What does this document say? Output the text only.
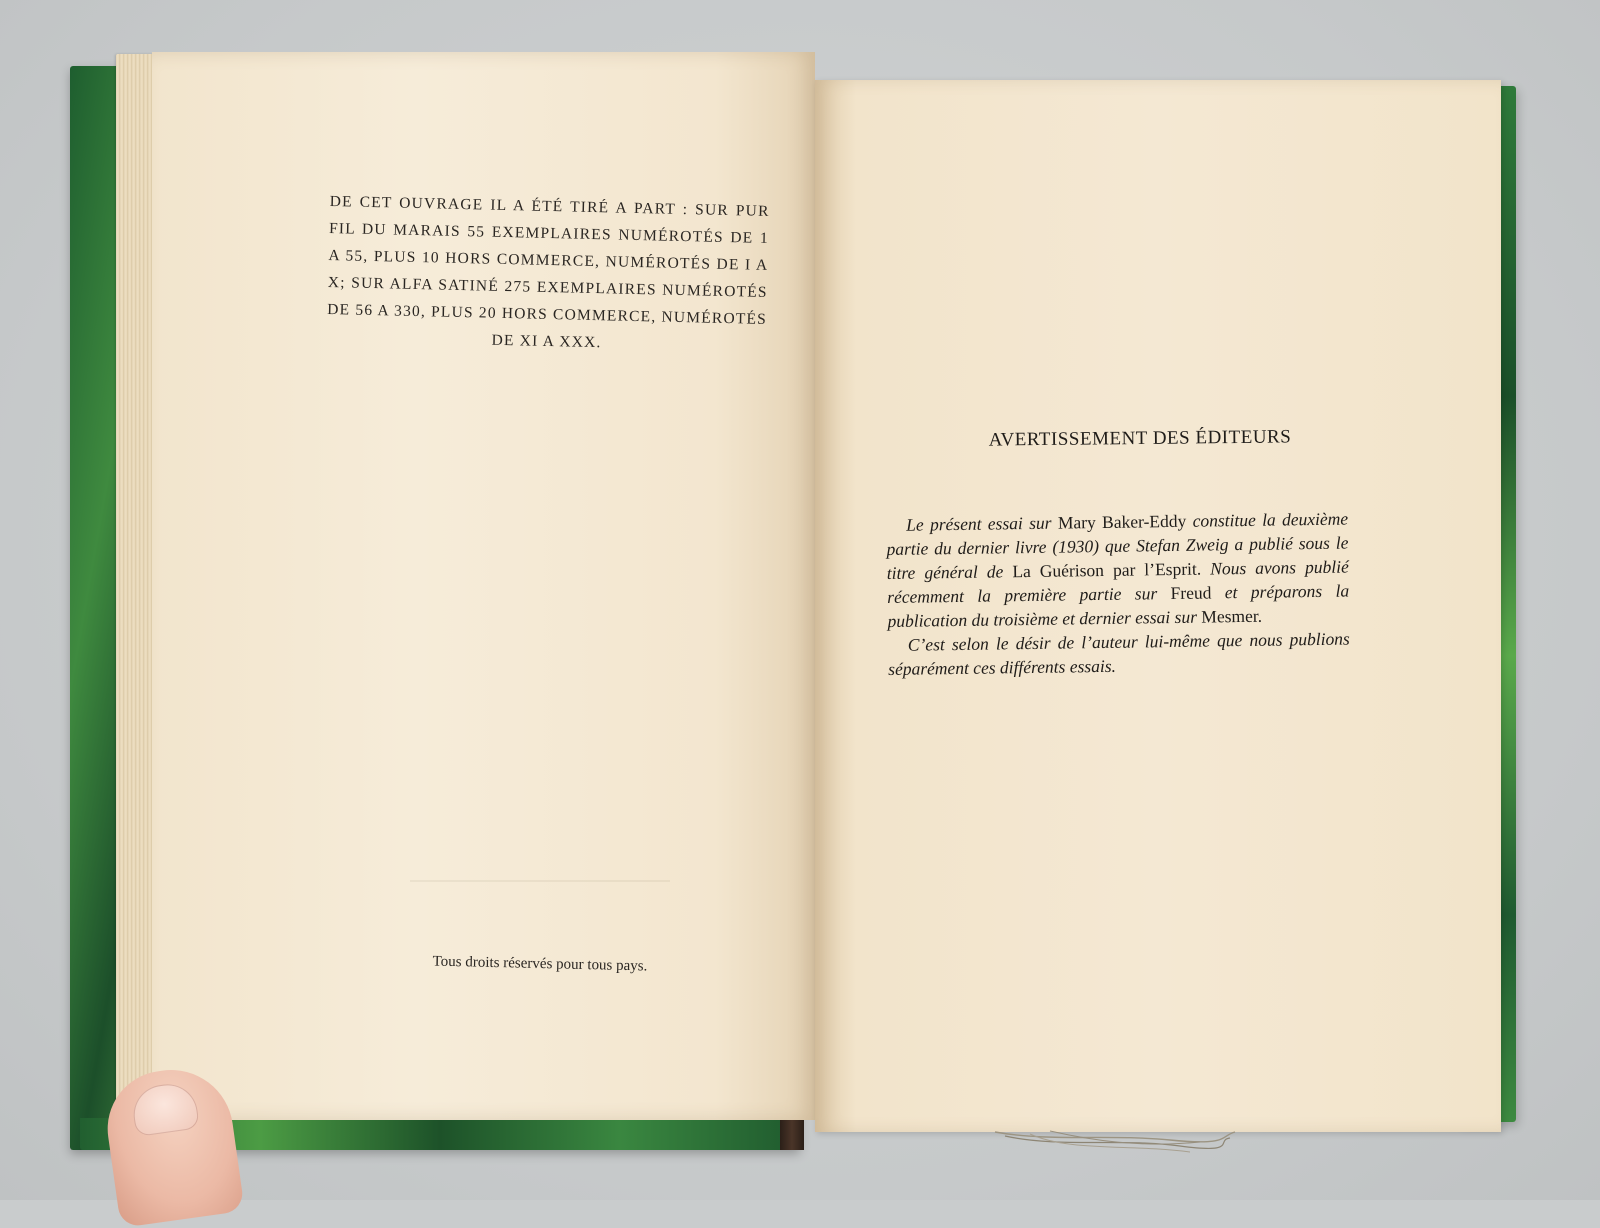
DE CET OUVRAGE IL A ÉTÉ TIRÉ A PART : SUR PUR FIL DU MARAIS 55 EXEMPLAIRES NUMÉROTÉS DE 1 A 55, PLUS 10 HORS COMMERCE, NUMÉROTÉS DE I A X; SUR ALFA SATINÉ 275 EXEMPLAIRES NUMÉROTÉS DE 56 A 330, PLUS 20 HORS COMMERCE, NUMÉROTÉS
DE XI A XXX.
Tous droits réservés pour tous pays.
AVERTISSEMENT DES ÉDITEURS

Le présent essai sur Mary Baker-Eddy constitue la deuxième partie du dernier livre (1930) que Stefan Zweig a publié sous le titre général de La Guérison par l’Esprit. Nous avons publié récemment la première partie sur Freud et préparons la publication du troisième et dernier essai sur Mesmer.

C’est selon le désir de l’auteur lui-même que nous publions séparément ces différents essais.
